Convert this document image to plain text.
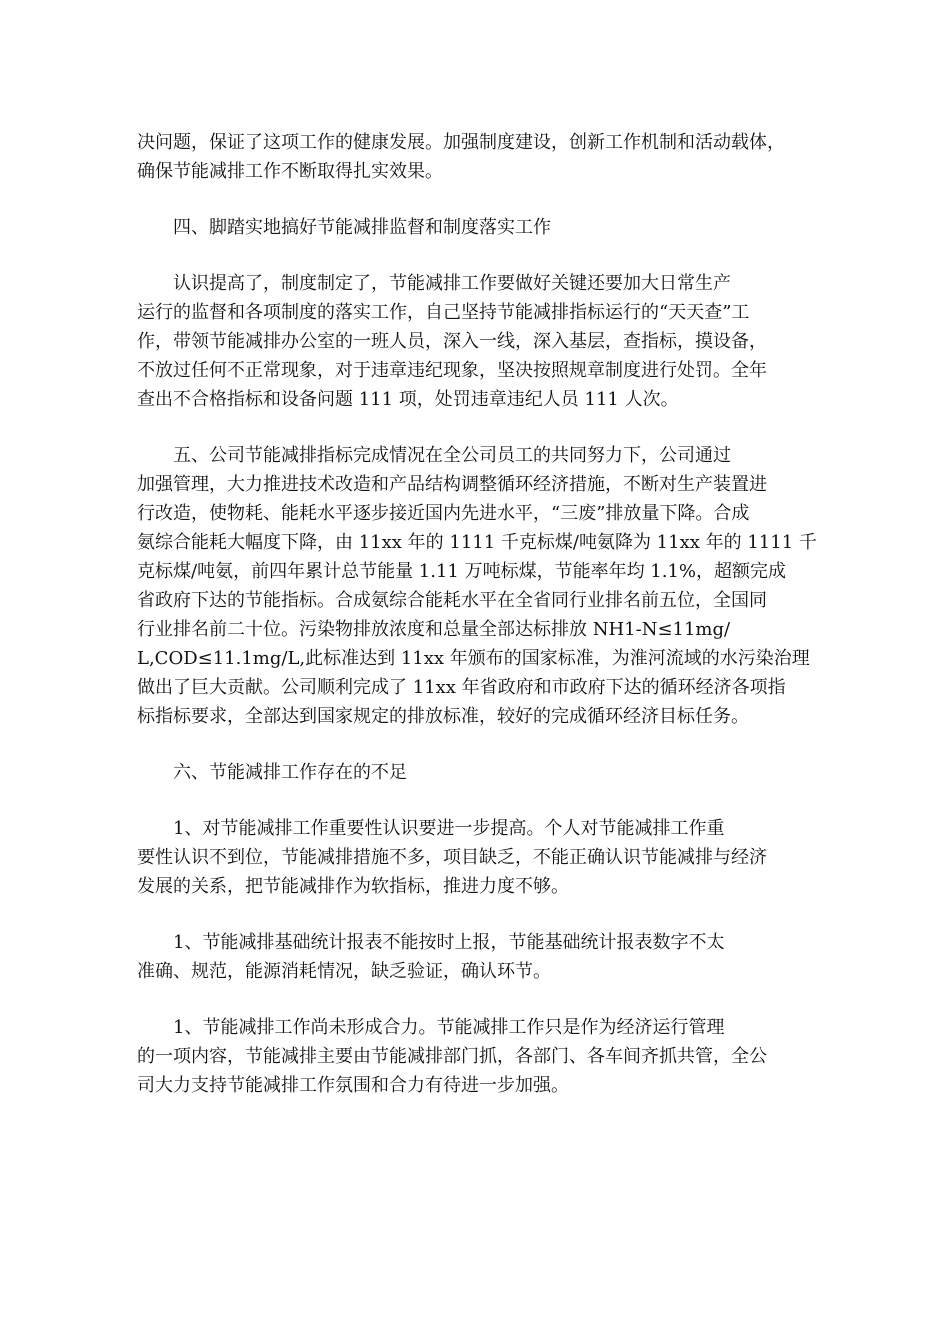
决问题，保证了这项工作的健康发展。加强制度建设，创新工作机制和活动载体，
确保节能减排工作不断取得扎实效果。
四、脚踏实地搞好节能减排监督和制度落实工作
认识提高了，制度制定了，节能减排工作要做好关键还要加大日常生产
运行的监督和各项制度的落实工作，自己坚持节能减排指标运行的“天天查”工
作，带领节能减排办公室的一班人员，深入一线，深入基层，查指标，摸设备，
不放过任何不正常现象，对于违章违纪现象，坚决按照规章制度进行处罚。全年
查出不合格指标和设备问题 111 项，处罚违章违纪人员 111 人次。
五、公司节能减排指标完成情况在全公司员工的共同努力下，公司通过
加强管理，大力推进技术改造和产品结构调整循环经济措施，不断对生产装置进
行改造，使物耗、能耗水平逐步接近国内先进水平，“三废”排放量下降。合成
氨综合能耗大幅度下降，由 11xx 年的 1111 千克标煤/吨氨降为 11xx 年的 1111 千
克标煤/吨氨，前四年累计总节能量 1.11 万吨标煤，节能率年均 1.1%，超额完成
省政府下达的节能指标。合成氨综合能耗水平在全省同行业排名前五位，全国同
行业排名前二十位。污染物排放浓度和总量全部达标排放 NH1-N≤11mg/
L,COD≤11.1mg/L,此标准达到 11xx 年颁布的国家标准，为淮河流域的水污染治理
做出了巨大贡献。公司顺利完成了 11xx 年省政府和市政府下达的循环经济各项指
标指标要求，全部达到国家规定的排放标准，较好的完成循环经济目标任务。
六、节能减排工作存在的不足
1、对节能减排工作重要性认识要进一步提高。个人对节能减排工作重
要性认识不到位，节能减排措施不多，项目缺乏，不能正确认识节能减排与经济
发展的关系，把节能减排作为软指标，推进力度不够。
1、节能减排基础统计报表不能按时上报，节能基础统计报表数字不太
准确、规范，能源消耗情况，缺乏验证，确认环节。
1、节能减排工作尚未形成合力。节能减排工作只是作为经济运行管理
的一项内容，节能减排主要由节能减排部门抓，各部门、各车间齐抓共管，全公
司大力支持节能减排工作氛围和合力有待进一步加强。
